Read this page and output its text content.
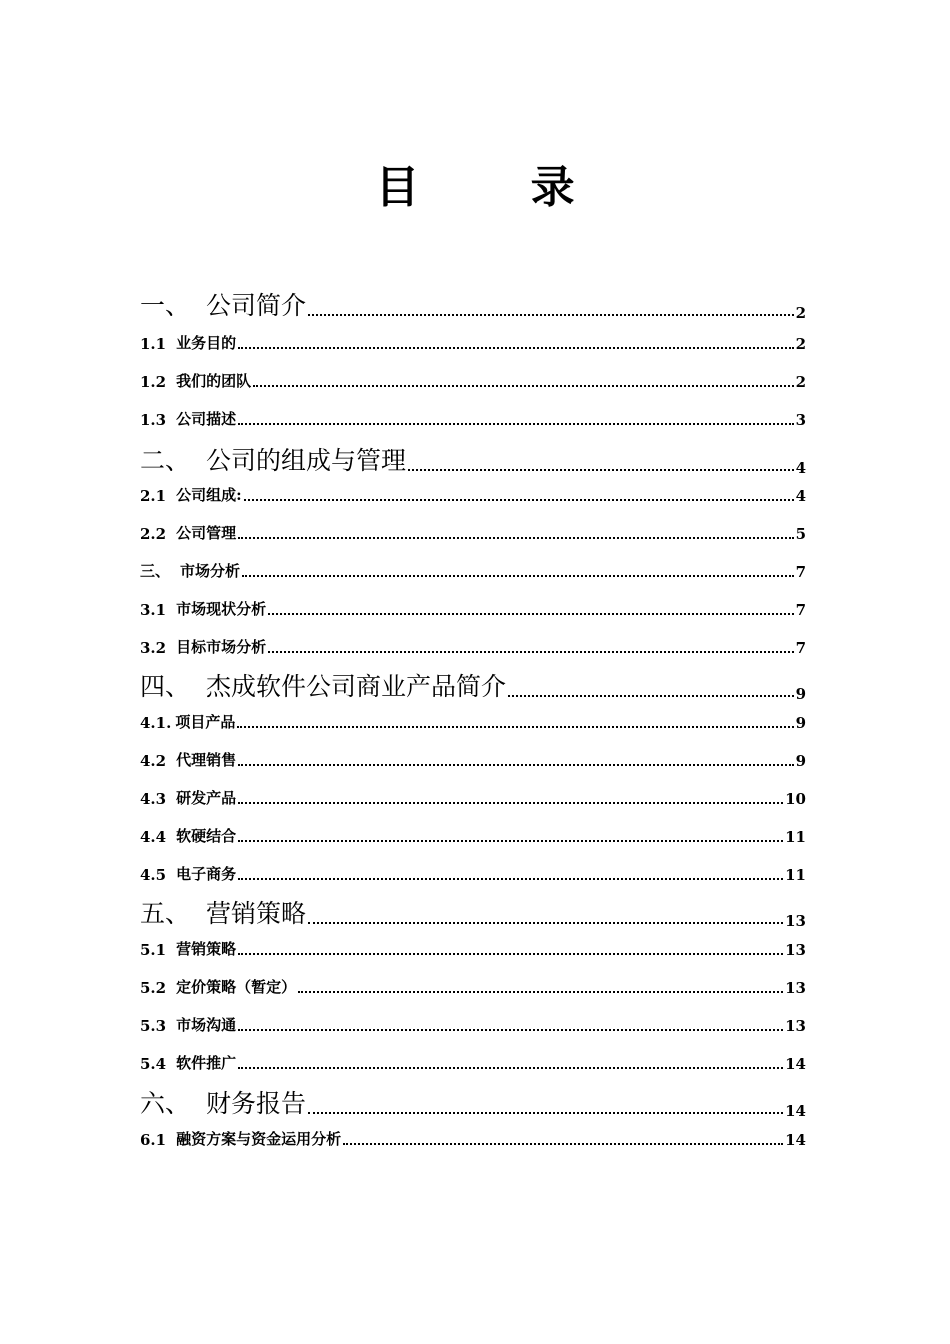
目 录
一、 公司简介	2
1.1 业务目的	2
1.2 我们的团队	2
1.3 公司描述	3
二、 公司的组成与管理	4
2.1 公司组成:	4
2.2 公司管理	5
三、 市场分析	7
3.1 市场现状分析	7
3.2 目标市场分析	7
四、 杰成软件公司商业产品简介	9
4.1. 项目产品	9
4.2 代理销售	9
4.3 研发产品	10
4.4 软硬结合	11
4.5 电子商务	11
五、 营销策略	13
5.1 营销策略	13
5.2 定价策略（暂定）	13
5.3 市场沟通	13
5.4 软件推广	14
六、 财务报告	14
6.1 融资方案与资金运用分析	14
